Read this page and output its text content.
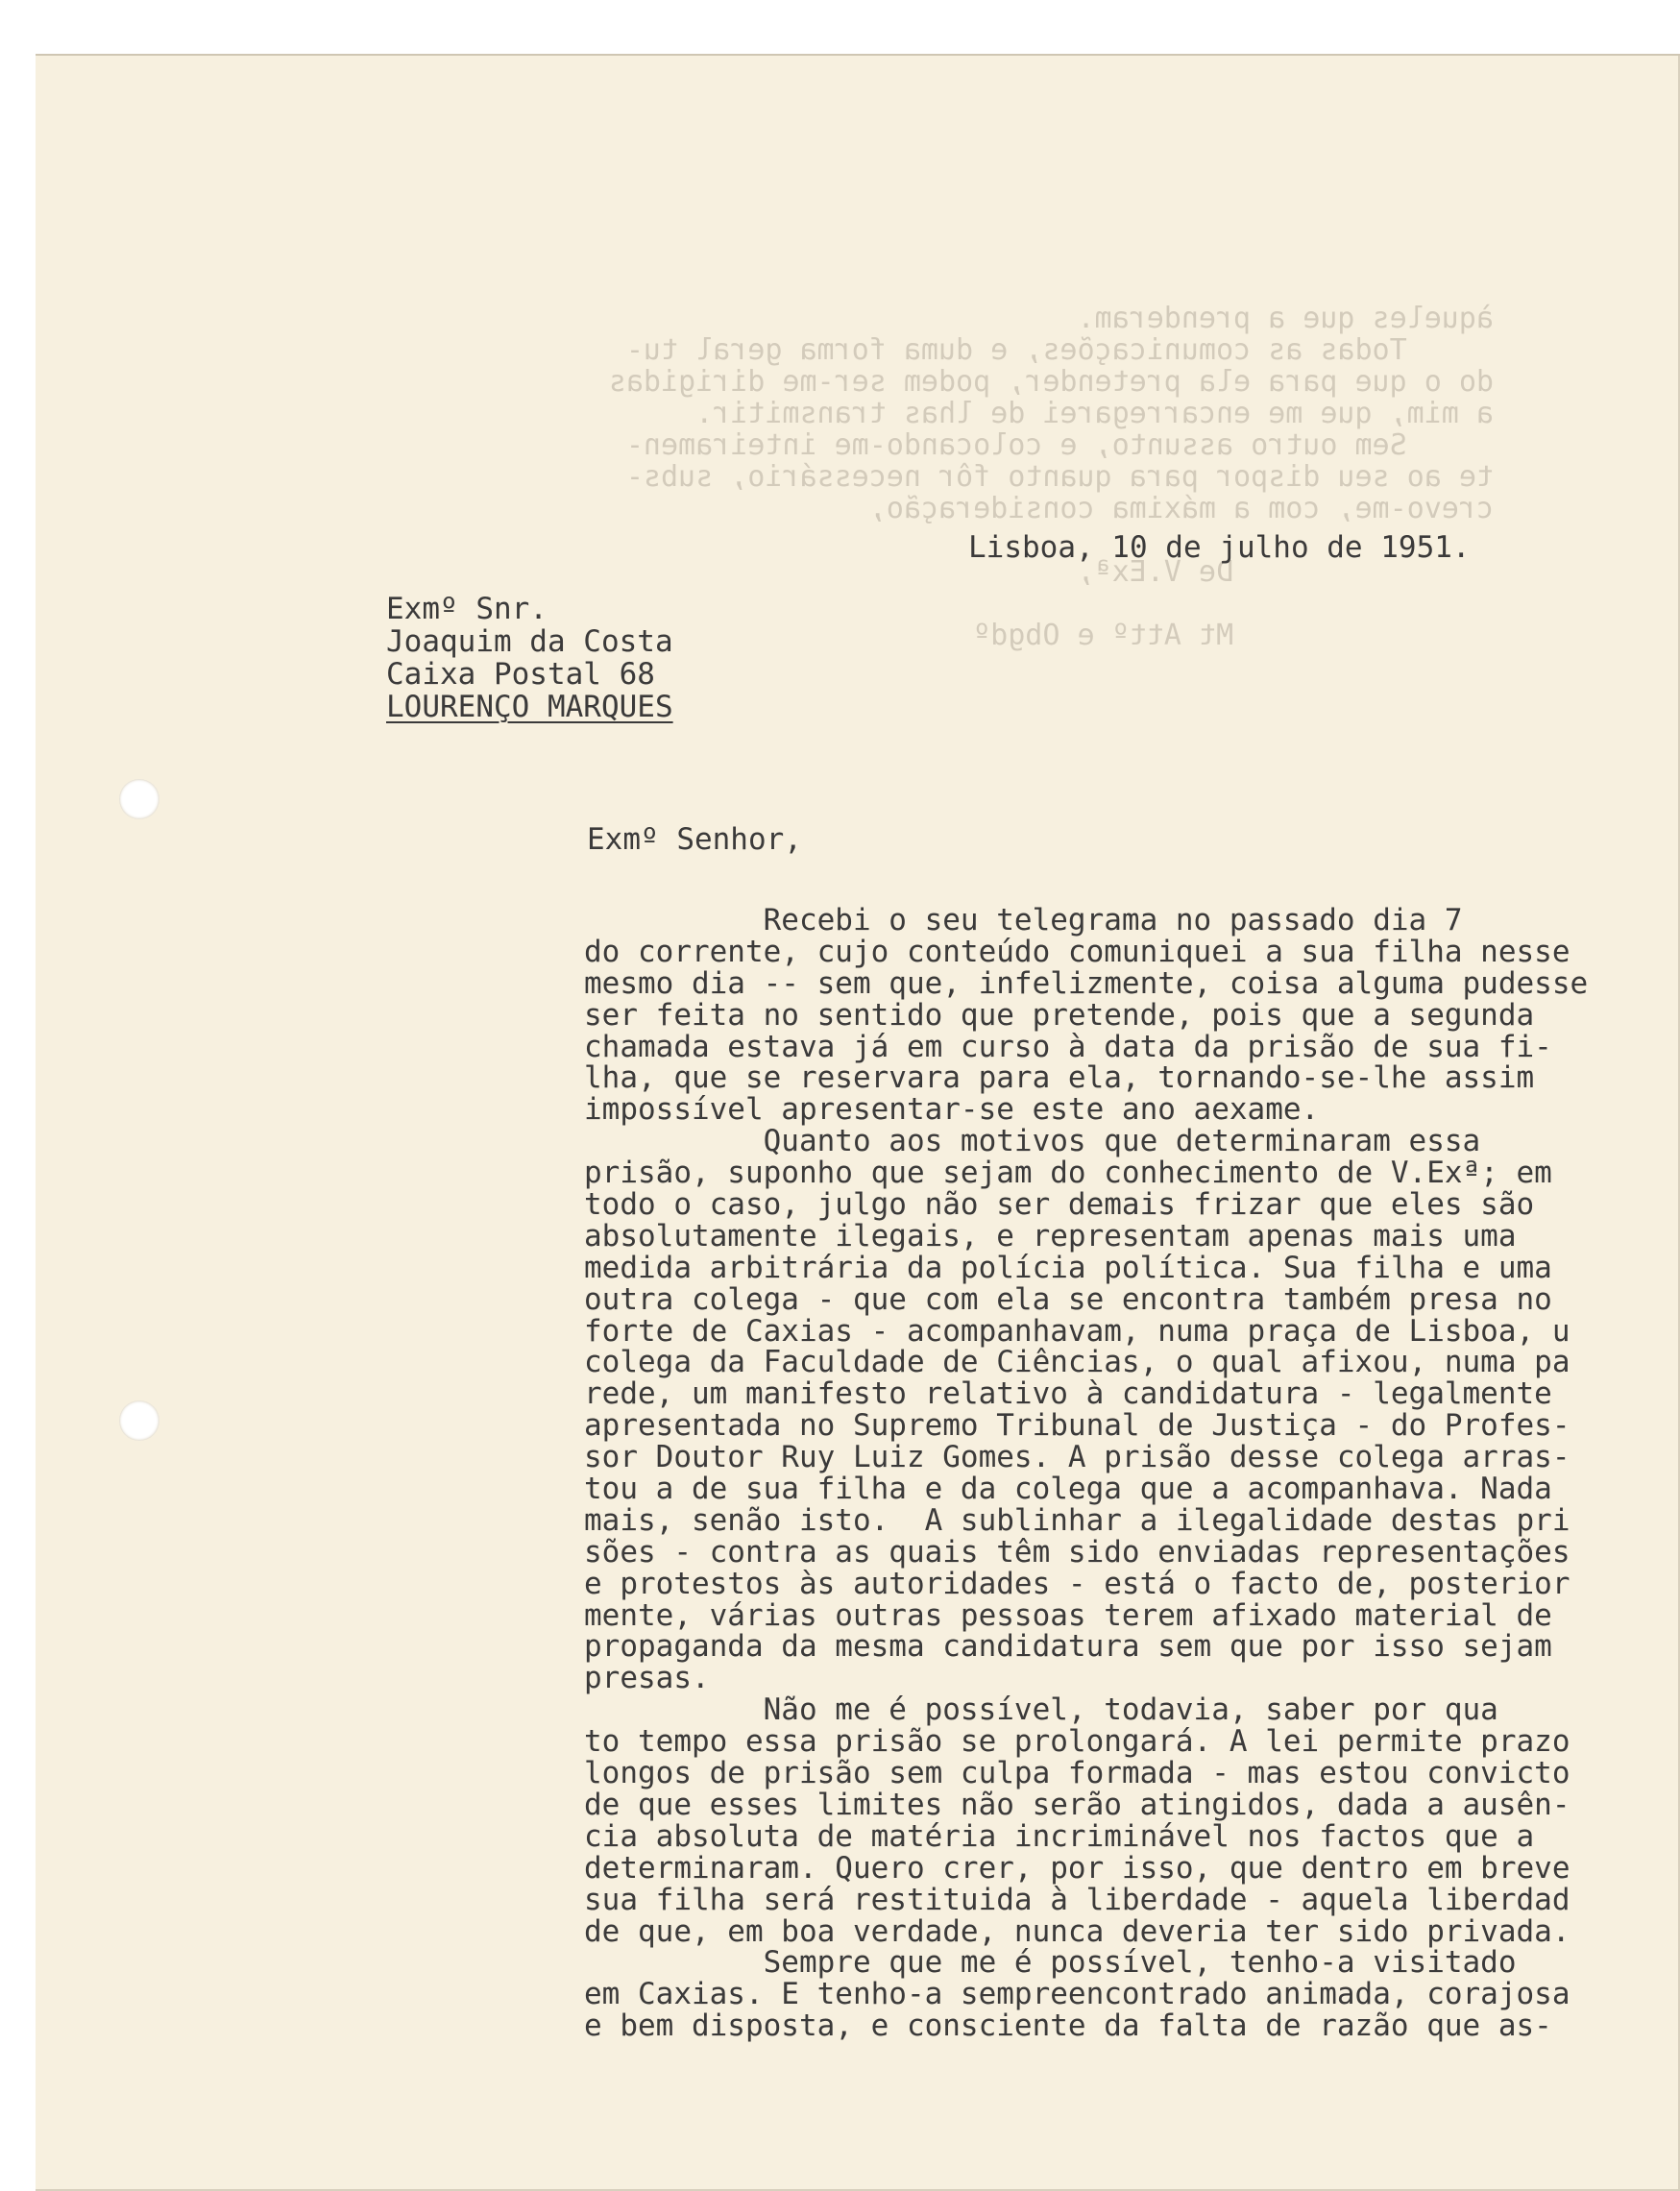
àqueles que a prenderam.
Todas as comunicações, e duma forma geral tu-
do o que para ela pretender, podem ser-me dirigidas
a mim, que me encarregarei de lhas transmitir.
Sem outro assunto, e colocando-me inteiramen-
te ao seu dispor para quanto fôr necessário, subs-
crevo-me, com a máxima consideração,
De V.Exª,
Mt Attº e Obgdº
Lisboa, 10 de julho de 1951.
Exmº Snr.
Joaquim da Costa
Caixa Postal 68
LOURENÇO MARQUES
Exmº Senhor,
Recebi o seu telegrama no passado dia 7
do corrente, cujo conteúdo comuniquei a sua filha nesse
mesmo dia -- sem que, infelizmente, coisa alguma pudesse
ser feita no sentido que pretende, pois que a segunda
chamada estava já em curso à data da prisão de sua fi-
lha, que se reservara para ela, tornando-se-lhe assim
impossível apresentar-se este ano aexame.
Quanto aos motivos que determinaram essa
prisão, suponho que sejam do conhecimento de V.Exª; em
todo o caso, julgo não ser demais frizar que eles são
absolutamente ilegais, e representam apenas mais uma
medida arbitrária da polícia política. Sua filha e uma
outra colega - que com ela se encontra também presa no
forte de Caxias - acompanhavam, numa praça de Lisboa, u
colega da Faculdade de Ciências, o qual afixou, numa pa
rede, um manifesto relativo à candidatura - legalmente
apresentada no Supremo Tribunal de Justiça - do Profes-
sor Doutor Ruy Luiz Gomes. A prisão desse colega arras-
tou a de sua filha e da colega que a acompanhava. Nada
mais, senão isto.  A sublinhar a ilegalidade destas pri
sões - contra as quais têm sido enviadas representações
e protestos às autoridades - está o facto de, posterior
mente, várias outras pessoas terem afixado material de
propaganda da mesma candidatura sem que por isso sejam
presas.
Não me é possível, todavia, saber por qua
to tempo essa prisão se prolongará. A lei permite prazo
longos de prisão sem culpa formada - mas estou convicto
de que esses limites não serão atingidos, dada a ausên-
cia absoluta de matéria incriminável nos factos que a
determinaram. Quero crer, por isso, que dentro em breve
sua filha será restituida à liberdade - aquela liberdad
de que, em boa verdade, nunca deveria ter sido privada.
Sempre que me é possível, tenho-a visitado
em Caxias. E tenho-a sempreencontrado animada, corajosa
e bem disposta, e consciente da falta de razão que as-
